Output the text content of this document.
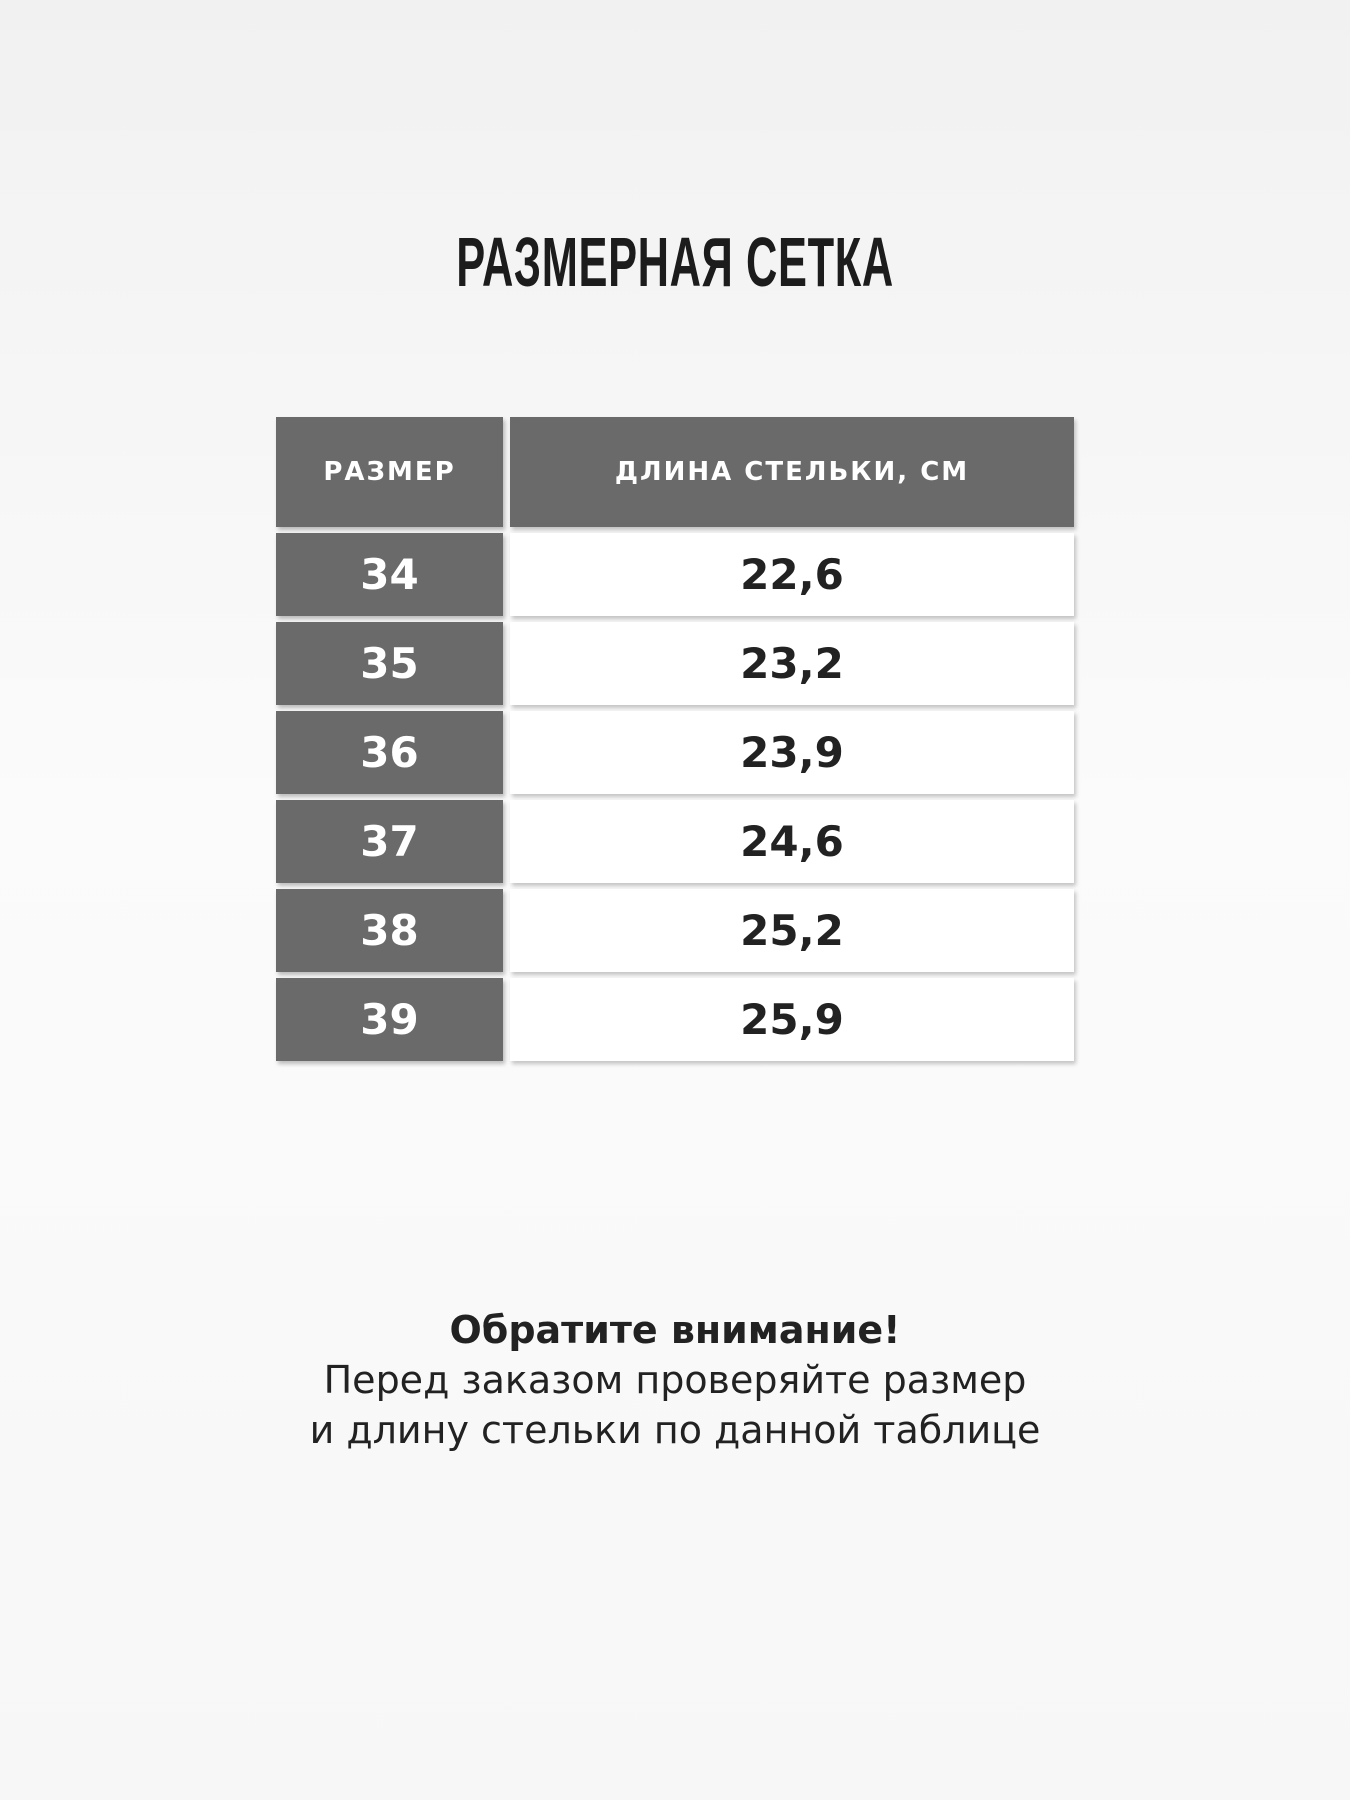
РАЗМЕРНАЯ СЕТКА
РАЗМЕР	ДЛИНА СТЕЛЬКИ, СМ
34	22,6
35	23,2
36	23,9
37	24,6
38	25,2
39	25,9
Обратите внимание!
Перед заказом проверяйте размер
и длину стельки по данной таблице
